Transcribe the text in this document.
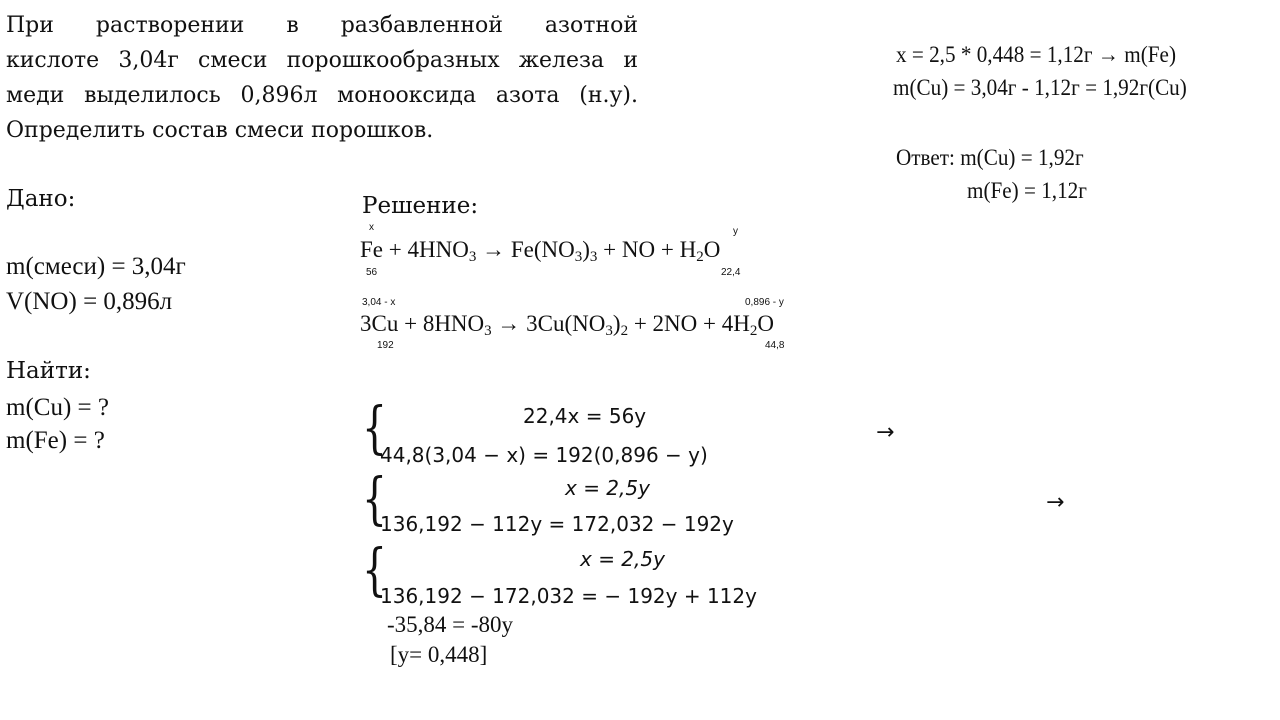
При растворении в разбавленной азотной
кислоте 3,04г смеси порошкообразных железа и
меди выделилось 0,896л монооксида азота (н.у).
Определить состав смеси порошков.
Дано:
m(смеси) = 3,04г
V(NO) = 0,896л
Найти:
m(Cu) = ?
m(Fe) = ?
Решение:
x
56
y
22,4
$Fe + 4HNO_3 \to Fe(NO_3)_3$ + NO + $H_2O$
3,04 - x
192
0,896 - y
44,8
$3Cu + 8HNO_3 \to 3Cu(NO_3)_2 + 2NO + 4H_2O$
{	22,4x = 56y
44,8(3,04 − x) = 192(0,896 − y)
→
{	x = 2,5y
136,192 − 112y = 172,032 − 192y
→
{	x = 2,5y
136,192 − 172,032 = − 192y + 112y
-35,84 = -80y
[y= 0,448]
x = 2,5 * 0,448 = 1,12г → m(Fe)
m(Cu) = 3,04г - 1,12г = 1,92г(Cu)
Ответ: m(Cu) = 1,92г
m(Fe) = 1,12г
